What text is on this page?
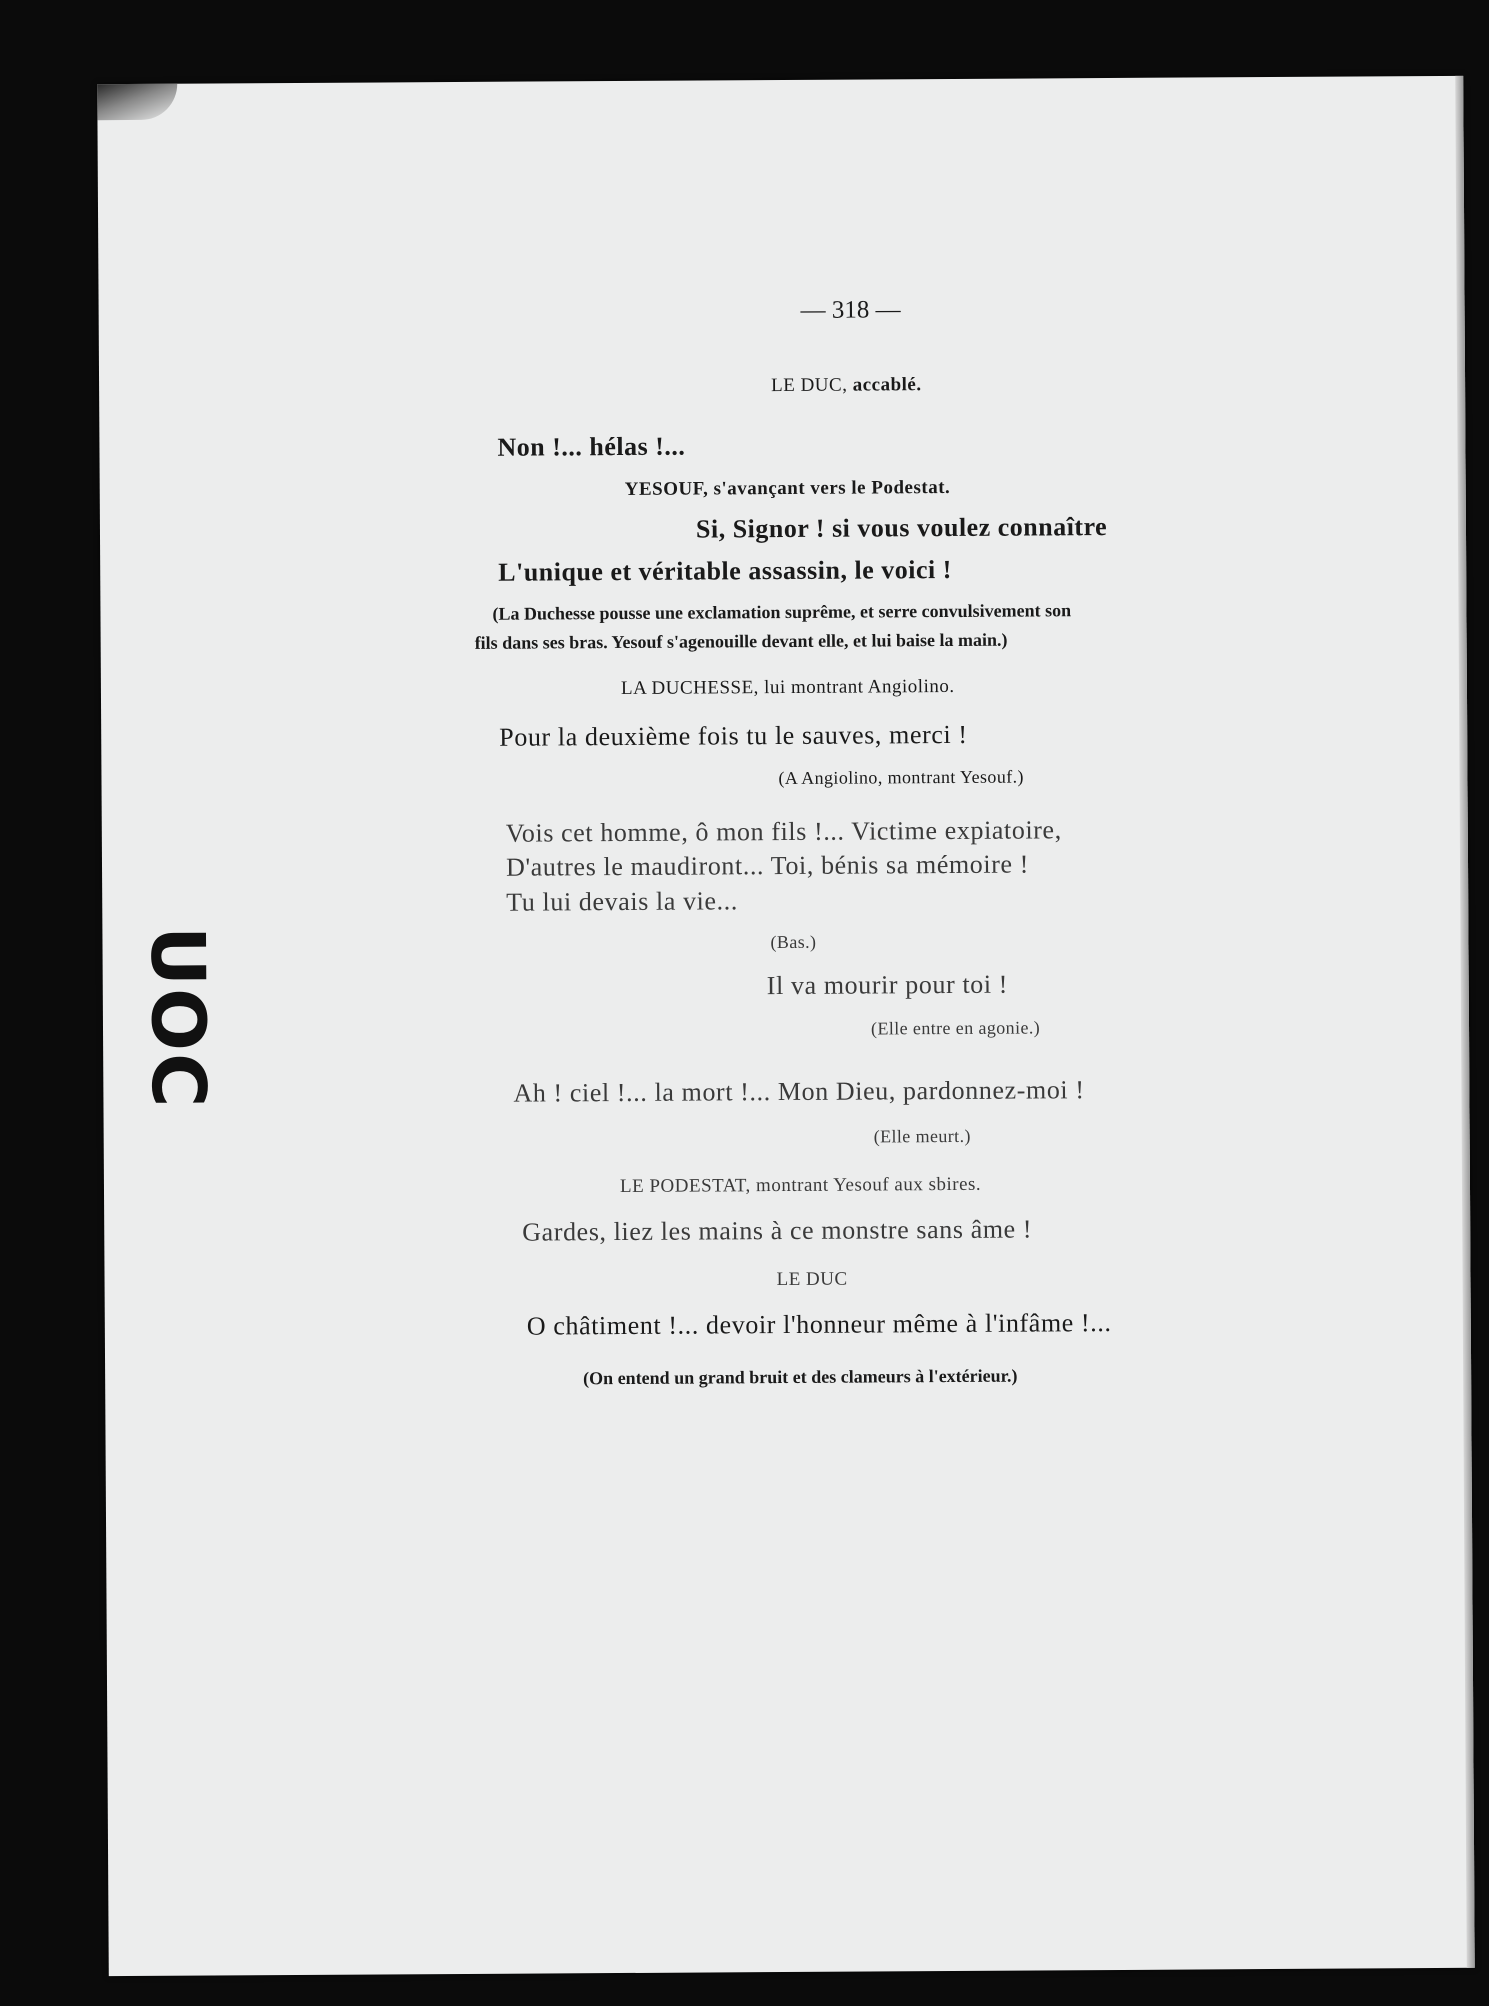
UOC
— 318 —
LE DUC, accablé.
Non !... hélas !...
YESOUF, s'avançant vers le Podestat.
Si, Signor ! si vous voulez connaître
L'unique et véritable assassin, le voici !
(La Duchesse pousse une exclamation suprême, et serre convulsivement son
fils dans ses bras. Yesouf s'agenouille devant elle, et lui baise la main.)
LA DUCHESSE, lui montrant Angiolino.
Pour la deuxième fois tu le sauves, merci !
(A Angiolino, montrant Yesouf.)
Vois cet homme, ô mon fils !... Victime expiatoire,
D'autres le maudiront... Toi, bénis sa mémoire !
Tu lui devais la vie...
(Bas.)
Il va mourir pour toi !
(Elle entre en agonie.)
Ah ! ciel !... la mort !... Mon Dieu, pardonnez-moi !
(Elle meurt.)
LE PODESTAT, montrant Yesouf aux sbires.
Gardes, liez les mains à ce monstre sans âme !
LE DUC
O châtiment !... devoir l'honneur même à l'infâme !...
(On entend un grand bruit et des clameurs à l'extérieur.)
